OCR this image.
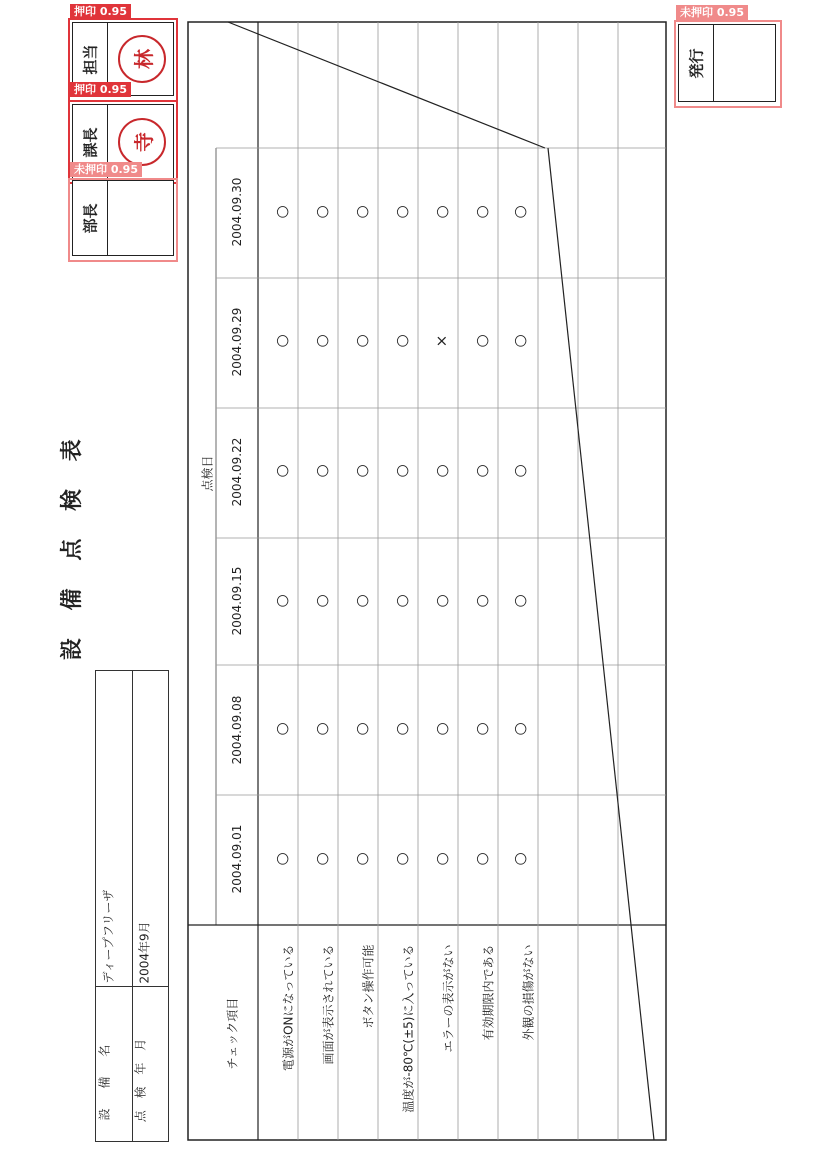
設 備 点 検 表
担当	林
押印 0.95
課長	寺
押印 0.95
部長
未押印 0.95
発行
未押印 0.95
設 備 名
ディープフリーザ
点 検 年 月
2004年9月
チェック項目
点検日
2004.09.01
2004.09.08
2004.09.15
2004.09.22
2004.09.29
2004.09.30
電源がONになっている 画面が表示されている ボタン操作可能 温度が-80℃(±5)に入っている エラーの表示がない 有効期限内である 外観の損傷がない
○ ○ ○ ○ ○ ○ ○
○ ○ ○ ○ ○ ○ ○
○ ○ ○ ○ ○ ○ ○
○ ○ ○ ○ ○ ○ ○
○ ○ ○ ○ × ○ ○
○ ○ ○ ○ ○ ○ ○
